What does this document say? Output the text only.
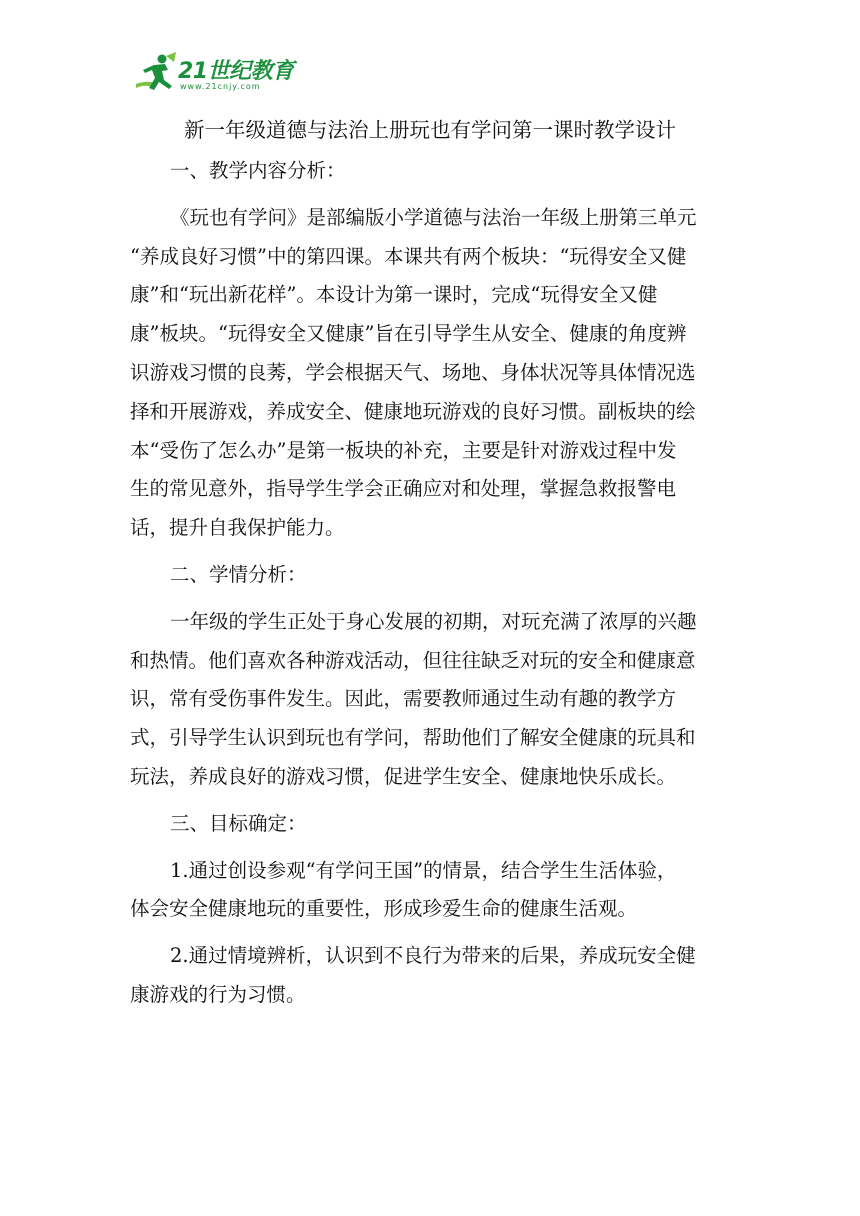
21世纪教育
www.21cnjy.com
新一年级道德与法治上册玩也有学问第一课时教学设计

一、教学内容分析：

《玩也有学问》是部编版小学道德与法治一年级上册第三单元

“养成良好习惯”中的第四课。本课共有两个板块：“玩得安全又健

康”和“玩出新花样”。本设计为第一课时，完成“玩得安全又健

康”板块。“玩得安全又健康”旨在引导学生从安全、健康的角度辨

识游戏习惯的良莠，学会根据天气、场地、身体状况等具体情况选

择和开展游戏，养成安全、健康地玩游戏的良好习惯。副板块的绘

本“受伤了怎么办”是第一板块的补充，主要是针对游戏过程中发

生的常见意外，指导学生学会正确应对和处理，掌握急救报警电

话，提升自我保护能力。

二、学情分析：

一年级的学生正处于身心发展的初期，对玩充满了浓厚的兴趣

和热情。他们喜欢各种游戏活动，但往往缺乏对玩的安全和健康意

识，常有受伤事件发生。因此，需要教师通过生动有趣的教学方

式，引导学生认识到玩也有学问，帮助他们了解安全健康的玩具和

玩法，养成良好的游戏习惯，促进学生安全、健康地快乐成长。

三、目标确定：

1.通过创设参观“有学问王国”的情景，结合学生生活体验，

体会安全健康地玩的重要性，形成珍爱生命的健康生活观。

2.通过情境辨析，认识到不良行为带来的后果，养成玩安全健

康游戏的行为习惯。
